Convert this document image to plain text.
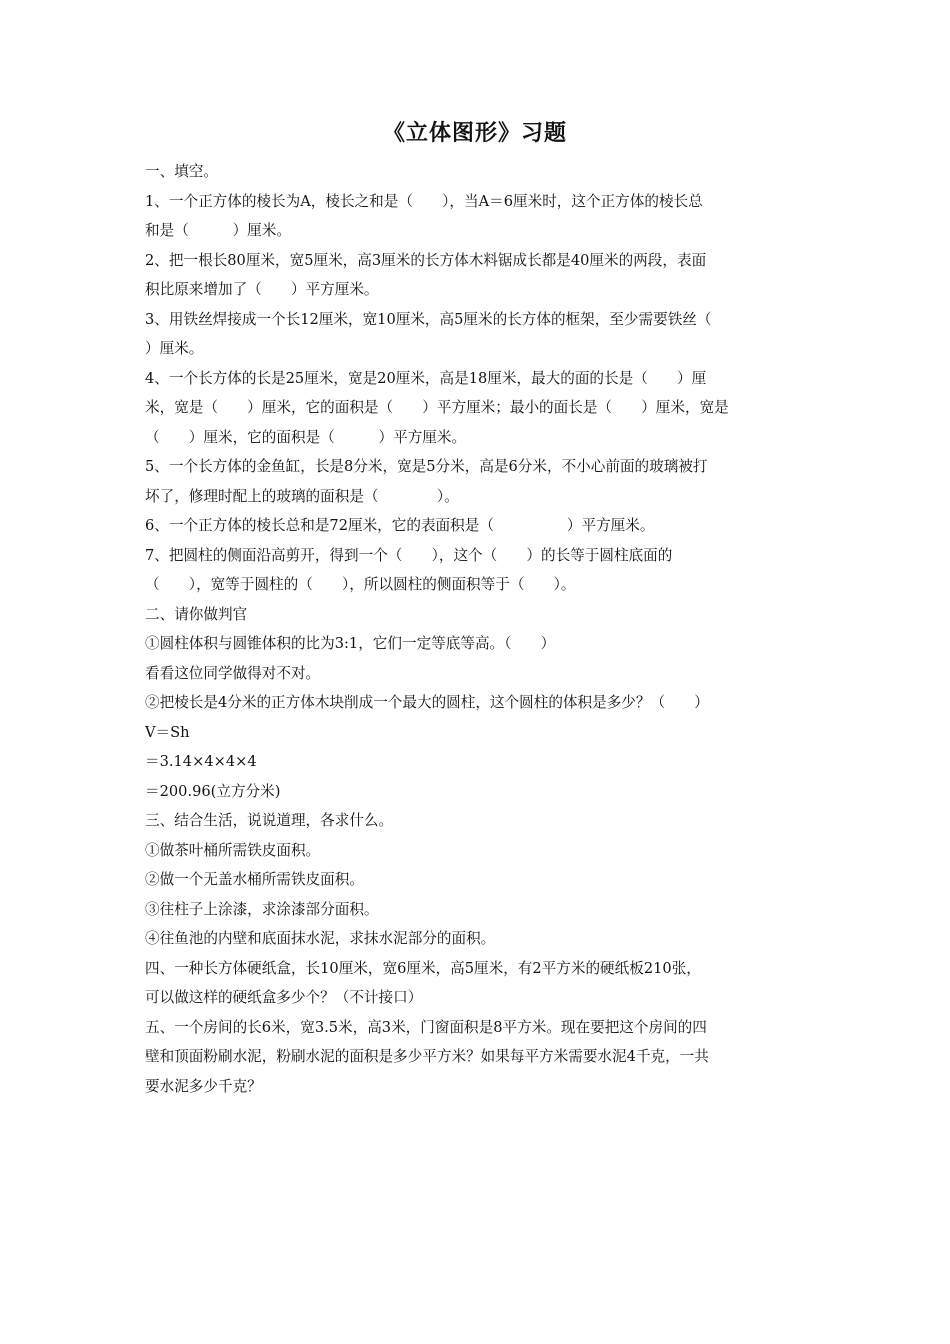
《立体图形》习题
一、填空。
1、一个正方体的棱长为A，棱长之和是（　　），当A＝6厘米时，这个正方体的棱长总
和是（　　　）厘米。
2、把一根长80厘米，宽5厘米，高3厘米的长方体木料锯成长都是40厘米的两段，表面
积比原来增加了（　　）平方厘米。
3、用铁丝焊接成一个长12厘米，宽10厘米，高5厘米的长方体的框架，至少需要铁丝（
）厘米。
4、一个长方体的长是25厘米，宽是20厘米，高是18厘米，最大的面的长是（　　）厘
米，宽是（　　）厘米，它的面积是（　　）平方厘米；最小的面长是（　　）厘米，宽是
（　　）厘米，它的面积是（　　　）平方厘米。
5、一个长方体的金鱼缸，长是8分米，宽是5分米，高是6分米，不小心前面的玻璃被打
坏了，修理时配上的玻璃的面积是（　　　　）。
6、一个正方体的棱长总和是72厘米，它的表面积是（　　　　　）平方厘米。
7、把圆柱的侧面沿高剪开，得到一个（　　），这个（　　）的长等于圆柱底面的
（　　），宽等于圆柱的（　　），所以圆柱的侧面积等于（　　）。
二、请你做判官
①圆柱体积与圆锥体积的比为3:1，它们一定等底等高。（　　）
看看这位同学做得对不对。
②把棱长是4分米的正方体木块削成一个最大的圆柱，这个圆柱的体积是多少？（　　）
V＝Sh
＝3.14×4×4×4
＝200.96(立方分米)
三、结合生活，说说道理，各求什么。
①做茶叶桶所需铁皮面积。
②做一个无盖水桶所需铁皮面积。
③往柱子上涂漆，求涂漆部分面积。
④往鱼池的内壁和底面抹水泥，求抹水泥部分的面积。
四、一种长方体硬纸盒，长10厘米，宽6厘米，高5厘米，有2平方米的硬纸板210张，
可以做这样的硬纸盒多少个？（不计接口）
五、一个房间的长6米，宽3.5米，高3米，门窗面积是8平方米。现在要把这个房间的四
壁和顶面粉刷水泥，粉刷水泥的面积是多少平方米？如果每平方米需要水泥4千克，一共
要水泥多少千克？
